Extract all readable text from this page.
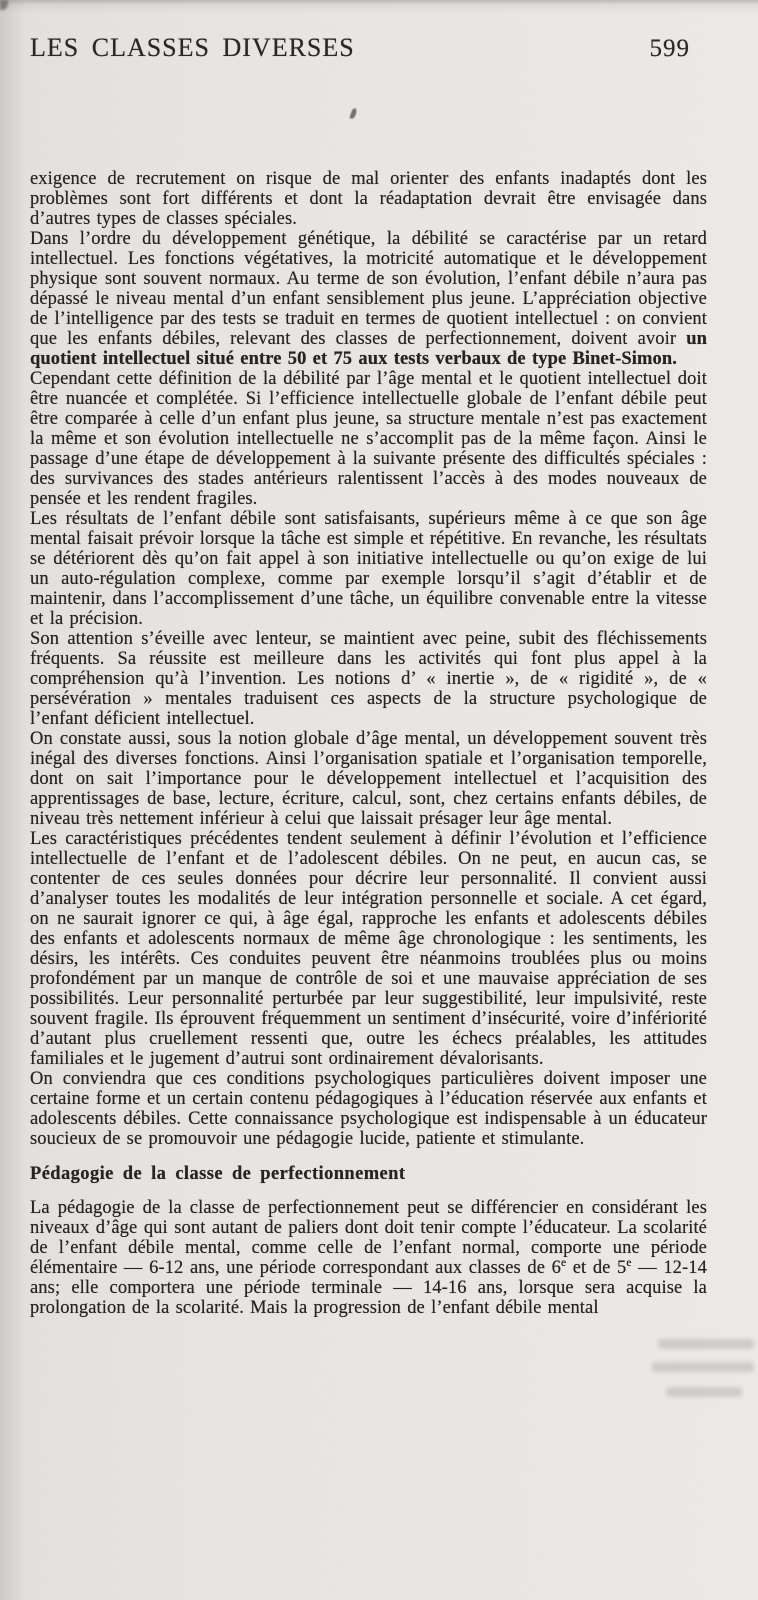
LES CLASSES DIVERSES	599

exigence de recrutement on risque de mal orienter des enfants inadaptés dont les problèmes sont fort différents et dont la réadaptation devrait être envisagée dans d’autres types de classes spéciales.

Dans l’ordre du développement génétique, la débilité se caractérise par un retard intellectuel. Les fonctions végétatives, la motricité automatique et le développement physique sont souvent normaux. Au terme de son évolution, l’enfant débile n’aura pas dépassé le niveau mental d’un enfant sensiblement plus jeune. L’appréciation objective de l’intelligence par des tests se traduit en termes de quotient intellectuel : on convient que les enfants débiles, relevant des classes de perfectionnement, doivent avoir un quotient intellectuel situé entre 50 et 75 aux tests verbaux de type Binet-Simon.

Cependant cette définition de la débilité par l’âge mental et le quotient intellectuel doit être nuancée et complétée. Si l’efficience intellectuelle globale de l’enfant débile peut être comparée à celle d’un enfant plus jeune, sa structure mentale n’est pas exactement la même et son évolution intellectuelle ne s’accomplit pas de la même façon. Ainsi le passage d’une étape de développement à la suivante présente des difficultés spéciales : des survivances des stades antérieurs ralentissent l’accès à des modes nouveaux de pensée et les rendent fragiles.

Les résultats de l’enfant débile sont satisfaisants, supérieurs même à ce que son âge mental faisait prévoir lorsque la tâche est simple et répétitive. En revanche, les résultats se détériorent dès qu’on fait appel à son initiative intellectuelle ou qu’on exige de lui un auto-régulation complexe, comme par exemple lorsqu’il s’agit d’établir et de maintenir, dans l’accomplissement d’une tâche, un équilibre convenable entre la vitesse et la précision.

Son attention s’éveille avec lenteur, se maintient avec peine, subit des fléchissements fréquents. Sa réussite est meilleure dans les activités qui font plus appel à la compréhension qu’à l’invention. Les notions d’ « inertie », de « rigidité », de « persévération » mentales traduisent ces aspects de la structure psychologique de l’enfant déficient intellectuel.

On constate aussi, sous la notion globale d’âge mental, un développement souvent très inégal des diverses fonctions. Ainsi l’organisation spatiale et l’organisation temporelle, dont on sait l’importance pour le développement intellectuel et l’acquisition des apprentissages de base, lecture, écriture, calcul, sont, chez certains enfants débiles, de niveau très nettement inférieur à celui que laissait présager leur âge mental.

Les caractéristiques précédentes tendent seulement à définir l’évolution et l’efficience intellectuelle de l’enfant et de l’adolescent débiles. On ne peut, en aucun cas, se contenter de ces seules données pour décrire leur personnalité. Il convient aussi d’analyser toutes les modalités de leur intégration personnelle et sociale. A cet égard, on ne saurait ignorer ce qui, à âge égal, rapproche les enfants et adolescents débiles des enfants et adolescents normaux de même âge chronologique : les sentiments, les désirs, les intérêts. Ces conduites peuvent être néanmoins troublées plus ou moins profondément par un manque de contrôle de soi et une mauvaise appréciation de ses possibilités. Leur personnalité perturbée par leur suggestibilité, leur impulsivité, reste souvent fragile. Ils éprouvent fréquemment un sentiment d’insécurité, voire d’infériorité d’autant plus cruellement ressenti que, outre les échecs préalables, les attitudes familiales et le jugement d’autrui sont ordinairement dévalorisants.

On conviendra que ces conditions psychologiques particulières doivent imposer une certaine forme et un certain contenu pédagogiques à l’éducation réservée aux enfants et adolescents débiles. Cette connaissance psychologique est indispensable à un éducateur soucieux de se promouvoir une pédagogie lucide, patiente et stimulante.

Pédagogie de la classe de perfectionnement

La pédagogie de la classe de perfectionnement peut se différencier en considérant les niveaux d’âge qui sont autant de paliers dont doit tenir compte l’éducateur. La scolarité de l’enfant débile mental, comme celle de l’enfant normal, comporte une période élémentaire — 6-12 ans, une période correspondant aux classes de 6e et de 5e — 12-14 ans; elle comportera une période terminale — 14-16 ans, lorsque sera acquise la prolongation de la scolarité. Mais la progression de l’enfant débile mental
